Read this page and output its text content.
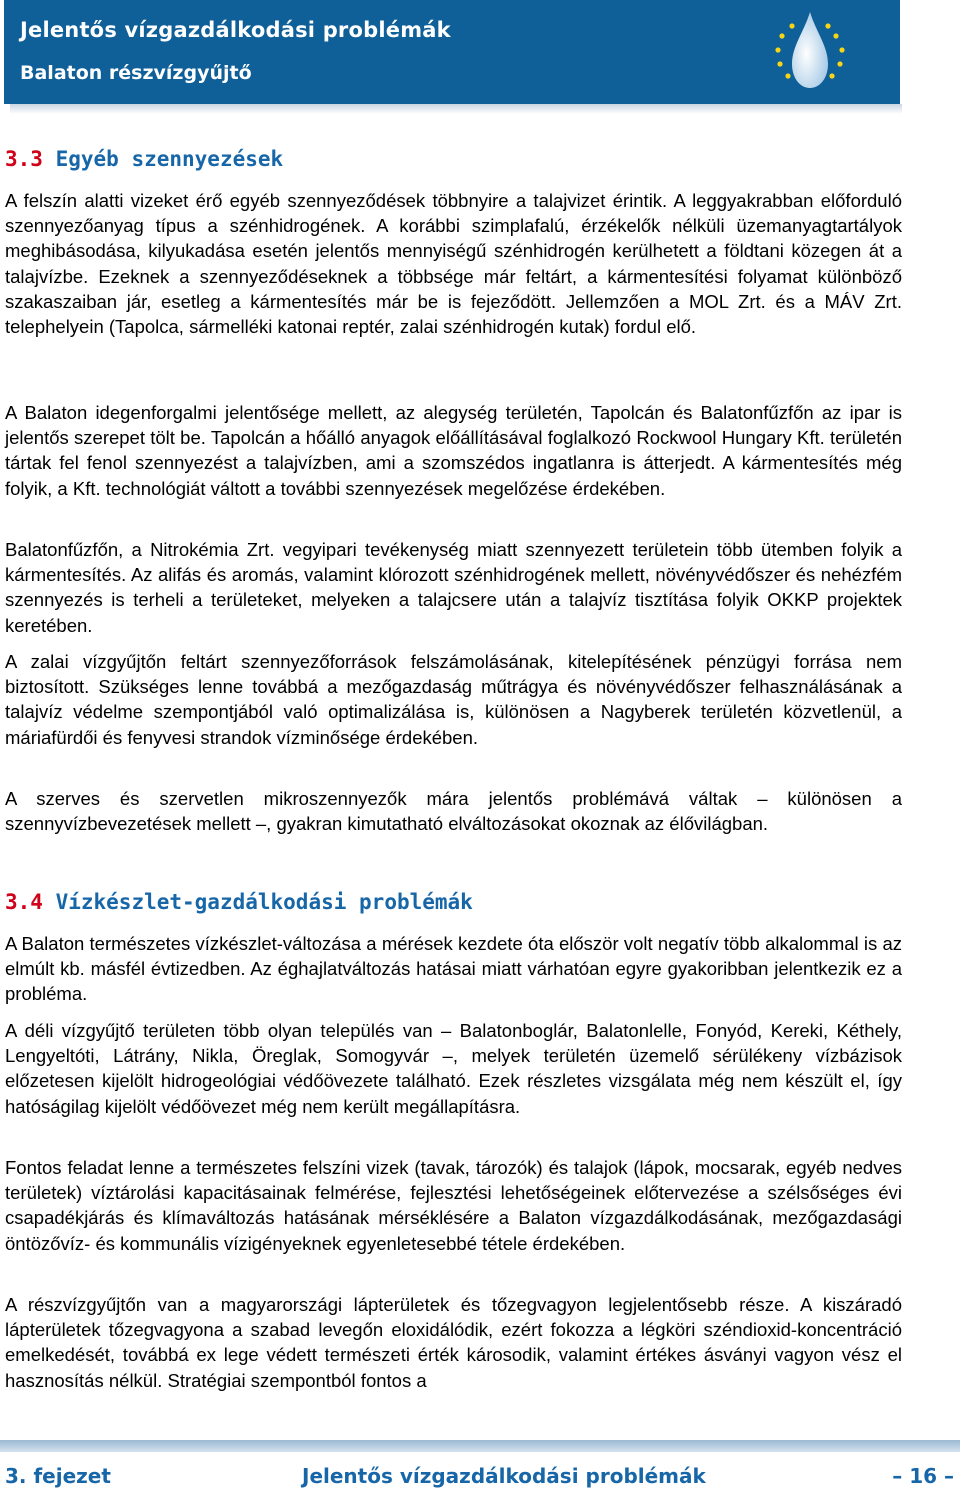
Jelentős vízgazdálkodási problémák
Balaton részvízgyűjtő
3.3 Egyéb szennyezések

A felszín alatti vizeket érő egyéb szennyeződések többnyire a talajvizet érintik. A leggyakrabban előforduló szennyezőanyag típus a szénhidrogének. A korábbi szimplafalú, érzékelők nélküli üzemanyagtartályok meghibásodása, kilyukadása esetén jelentős mennyiségű szénhidrogén kerülhetett a földtani közegen át a talajvízbe. Ezeknek a szennyeződéseknek a többsége már feltárt, a kármentesítési folyamat különböző szakaszaiban jár, esetleg a kármentesítés már be is fejeződött. Jellemzően a MOL Zrt. és a MÁV Zrt. telephelyein (Tapolca, sármelléki katonai reptér, zalai szénhidrogén kutak) fordul elő.

A Balaton idegenforgalmi jelentősége mellett, az alegység területén, Tapolcán és Balatonfűzfőn az ipar is jelentős szerepet tölt be. Tapolcán a hőálló anyagok előállításával foglalkozó Rockwool Hungary Kft. területén tártak fel fenol szennyezést a talajvízben, ami a szomszédos ingatlanra is átterjedt. A kármentesítés még folyik, a Kft. technológiát váltott a további szennyezések megelőzése érdekében.

Balatonfűzfőn, a Nitrokémia Zrt. vegyipari tevékenység miatt szennyezett területein több ütemben folyik a kármentesítés. Az alifás és aromás, valamint klórozott szénhidrogének mellett, növényvédőszer és nehézfém szennyezés is terheli a területeket, melyeken a talajcsere után a talajvíz tisztítása folyik OKKP projektek keretében.

A zalai vízgyűjtőn feltárt szennyezőforrások felszámolásának, kitelepítésének pénzügyi forrása nem biztosított. Szükséges lenne továbbá a mezőgazdaság műtrágya és növényvédőszer felhasználásának a talajvíz védelme szempontjából való optimalizálása is, különösen a Nagyberek területén közvetlenül, a máriafürdői és fenyvesi strandok vízminősége érdekében.

A szerves és szervetlen mikroszennyezők mára jelentős problémává váltak – különösen a szennyvízbevezetések mellett –, gyakran kimutatható elváltozásokat okoznak az élővilágban.

3.4 Vízkészlet-gazdálkodási problémák

A Balaton természetes vízkészlet-változása a mérések kezdete óta először volt negatív több alkalommal is az elmúlt kb. másfél évtizedben. Az éghajlatváltozás hatásai miatt várhatóan egyre gyakoribban jelentkezik ez a probléma.

A déli vízgyűjtő területen több olyan település van – Balatonboglár, Balatonlelle, Fonyód, Kereki, Kéthely, Lengyeltóti, Látrány, Nikla, Öreglak, Somogyvár –, melyek területén üzemelő sérülékeny vízbázisok előzetesen kijelölt hidrogeológiai védőövezete található. Ezek részletes vizsgálata még nem készült el, így hatóságilag kijelölt védőövezet még nem került megállapításra.

Fontos feladat lenne a természetes felszíni vizek (tavak, tározók) és talajok (lápok, mocsarak, egyéb nedves területek) víztárolási kapacitásainak felmérése, fejlesztési lehetőségeinek előtervezése a szélsőséges évi csapadékjárás és klímaváltozás hatásának mérséklésére a Balaton vízgazdálkodásának, mezőgazdasági öntözővíz- és kommunális vízigényeknek egyenletesebbé tétele érdekében.

A részvízgyűjtőn van a magyarországi lápterületek és tőzegvagyon legjelentősebb része. A kiszáradó lápterületek tőzegvagyona a szabad levegőn eloxidálódik, ezért fokozza a légköri széndioxid-koncentráció emelkedését, továbbá ex lege védett természeti érték károsodik, valamint értékes ásványi vagyon vész el hasznosítás nélkül. Stratégiai szempontból fontos a

3. fejezet	Jelentős vízgazdálkodási problémák	– 16 –
